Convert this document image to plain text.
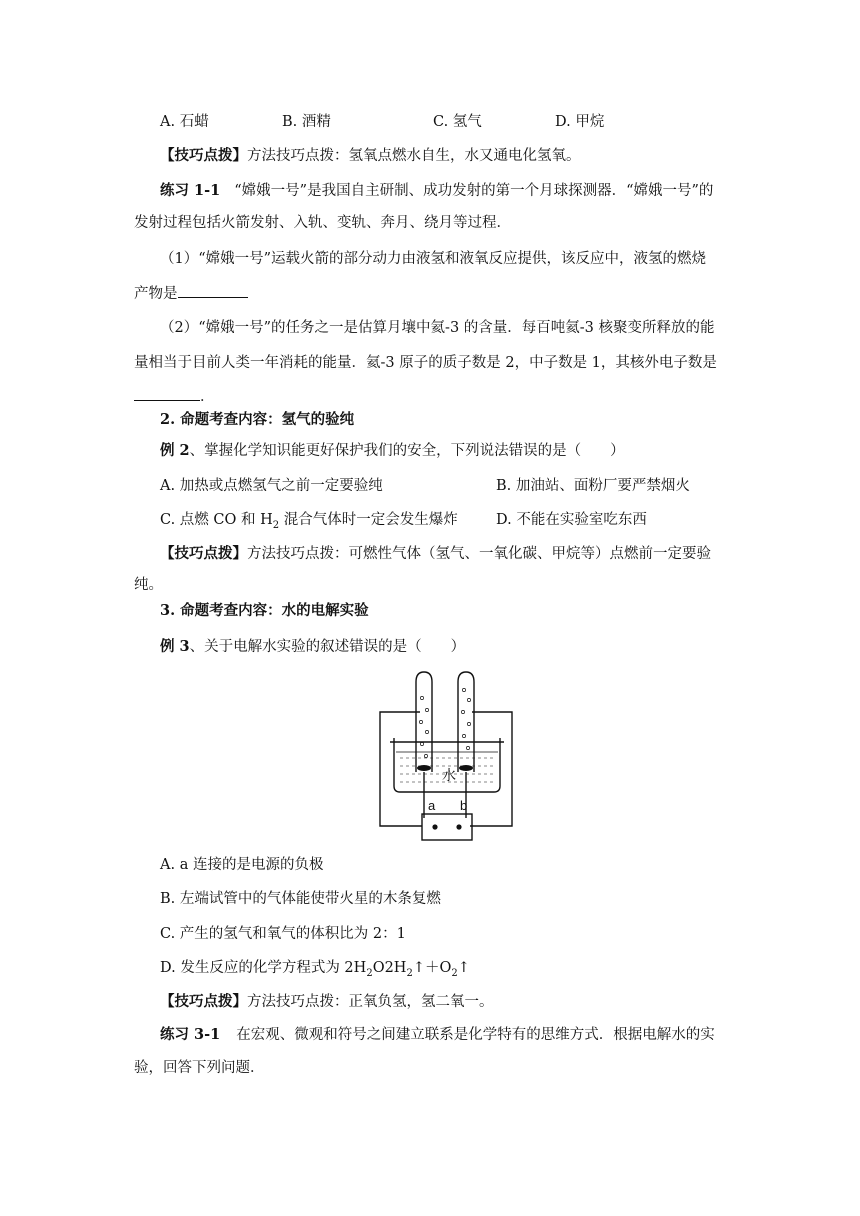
A. 石蜡	B. 酒精	C. 氢气	D. 甲烷
【技巧点拨】方法技巧点拨：氢氧点燃水自生，水又通电化氢氧。
练习 1-1 “嫦娥一号”是我国自主研制、成功发射的第一个月球探测器．“嫦娥一号”的
发射过程包括火箭发射、入轨、变轨、奔月、绕月等过程．
（1）“嫦娥一号”运载火箭的部分动力由液氢和液氧反应提供，该反应中，液氢的燃烧
产物是
（2）“嫦娥一号”的任务之一是估算月壤中氦-3 的含量．每百吨氦-3 核聚变所释放的能
量相当于目前人类一年消耗的能量．氦-3 原子的质子数是 2，中子数是 1，其核外电子数是
．
2. 命题考查内容：氢气的验纯
例 2、掌握化学知识能更好保护我们的安全，下列说法错误的是（　　）
A. 加热或点燃氢气之前一定要验纯	B. 加油站、面粉厂要严禁烟火
C. 点燃 CO 和 $H_2$ 混合气体时一定会发生爆炸	D. 不能在实验室吃东西
【技巧点拨】方法技巧点拨：可燃性气体（氢气、一氧化碳、甲烷等）点燃前一定要验
纯。
3. 命题考查内容：水的电解实验
例 3、关于电解水实验的叙述错误的是（　　）
水
a b
A. a 连接的是电源的负极
B. 左端试管中的气体能使带火星的木条复燃
C. 产生的氢气和氧气的体积比为 2：1
D. 发生反应的化学方程式为 $2H_2O2H_2↑+O_2↑$
【技巧点拨】方法技巧点拨：正氧负氢，氢二氧一。
练习 3-1 在宏观、微观和符号之间建立联系是化学特有的思维方式．根据电解水的实
验，回答下列问题．
